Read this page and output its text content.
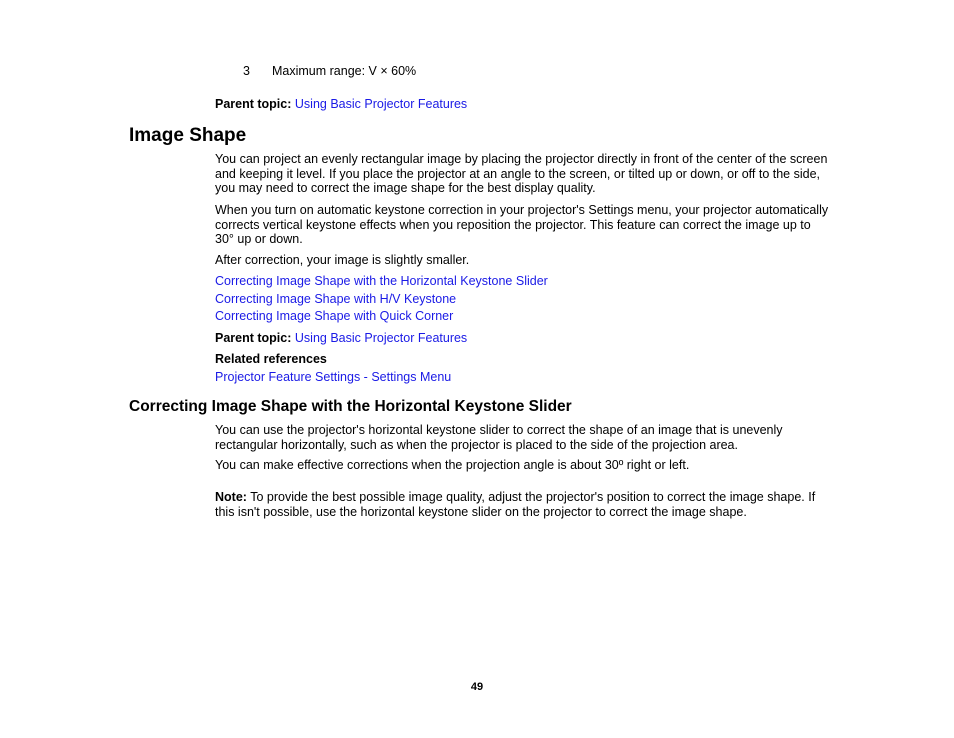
3 Maximum range: V × 60%
Parent topic: Using Basic Projector Features
Image Shape
You can project an evenly rectangular image by placing the projector directly in front of the center of the screen and keeping it level. If you place the projector at an angle to the screen, or tilted up or down, or off to the side, you may need to correct the image shape for the best display quality.
When you turn on automatic keystone correction in your projector's Settings menu, your projector automatically corrects vertical keystone effects when you reposition the projector. This feature can correct the image up to 30° up or down.
After correction, your image is slightly smaller.
Correcting Image Shape with the Horizontal Keystone Slider
Correcting Image Shape with H/V Keystone
Correcting Image Shape with Quick Corner
Parent topic: Using Basic Projector Features
Related references
Projector Feature Settings - Settings Menu
Correcting Image Shape with the Horizontal Keystone Slider
You can use the projector's horizontal keystone slider to correct the shape of an image that is unevenly rectangular horizontally, such as when the projector is placed to the side of the projection area.
You can make effective corrections when the projection angle is about 30º right or left.
Note: To provide the best possible image quality, adjust the projector's position to correct the image shape. If this isn't possible, use the horizontal keystone slider on the projector to correct the image shape.
49
